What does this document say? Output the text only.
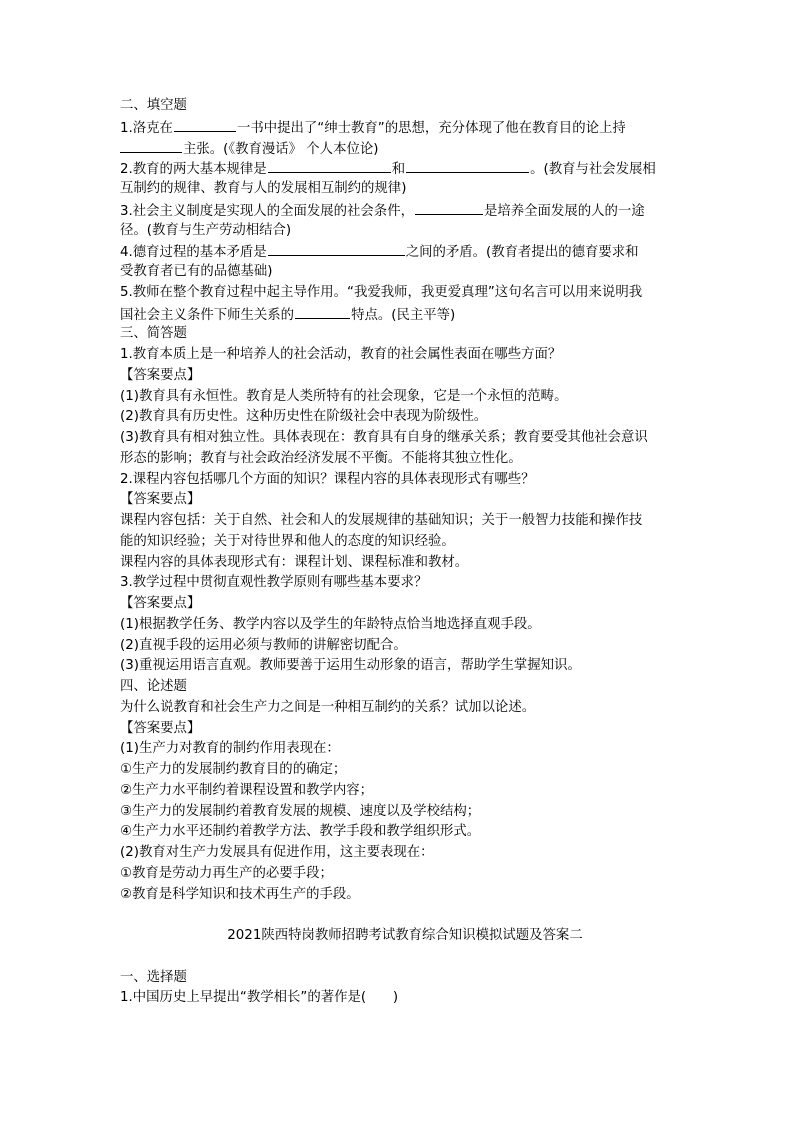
二、填空题
1.洛克在	一书中提出了“绅士教育”的思想，充分体现了他在教育目的论上持
主张。(《教育漫话》 个人本位论)
2.教育的两大基本规律是	和	。(教育与社会发展相
互制约的规律、教育与人的发展相互制约的规律)
3.社会主义制度是实现人的全面发展的社会条件，	是培养全面发展的人的一途
径。(教育与生产劳动相结合)
4.德育过程的基本矛盾是	之间的矛盾。(教育者提出的德育要求和
受教育者已有的品德基础)
5.教师在整个教育过程中起主导作用。“我爱我师，我更爱真理”这句名言可以用来说明我
国社会主义条件下师生关系的	特点。(民主平等)
三、简答题
1.教育本质上是一种培养人的社会活动，教育的社会属性表面在哪些方面？
【答案要点】
(1)教育具有永恒性。教育是人类所特有的社会现象，它是一个永恒的范畴。
(2)教育具有历史性。这种历史性在阶级社会中表现为阶级性。
(3)教育具有相对独立性。具体表现在：教育具有自身的继承关系；教育要受其他社会意识
形态的影响；教育与社会政治经济发展不平衡。不能将其独立性化。
2.课程内容包括哪几个方面的知识？课程内容的具体表现形式有哪些？
【答案要点】
课程内容包括：关于自然、社会和人的发展规律的基础知识；关于一般智力技能和操作技
能的知识经验；关于对待世界和他人的态度的知识经验。
课程内容的具体表现形式有：课程计划、课程标准和教材。
3.教学过程中贯彻直观性教学原则有哪些基本要求？
【答案要点】
(1)根据教学任务、教学内容以及学生的年龄特点恰当地选择直观手段。
(2)直视手段的运用必须与教师的讲解密切配合。
(3)重视运用语言直观。教师要善于运用生动形象的语言，帮助学生掌握知识。
四、论述题
为什么说教育和社会生产力之间是一种相互制约的关系？试加以论述。
【答案要点】
(1)生产力对教育的制约作用表现在：
①生产力的发展制约教育目的的确定；
②生产力水平制约着课程设置和教学内容；
③生产力的发展制约着教育发展的规模、速度以及学校结构；
④生产力水平还制约着教学方法、教学手段和教学组织形式。
(2)教育对生产力发展具有促进作用，这主要表现在：
①教育是劳动力再生产的必要手段；
②教育是科学知识和技术再生产的手段。
2021陕西特岗教师招聘考试教育综合知识模拟试题及答案二
一、选择题
1.中国历史上早提出“教学相长”的著作是(　　)
